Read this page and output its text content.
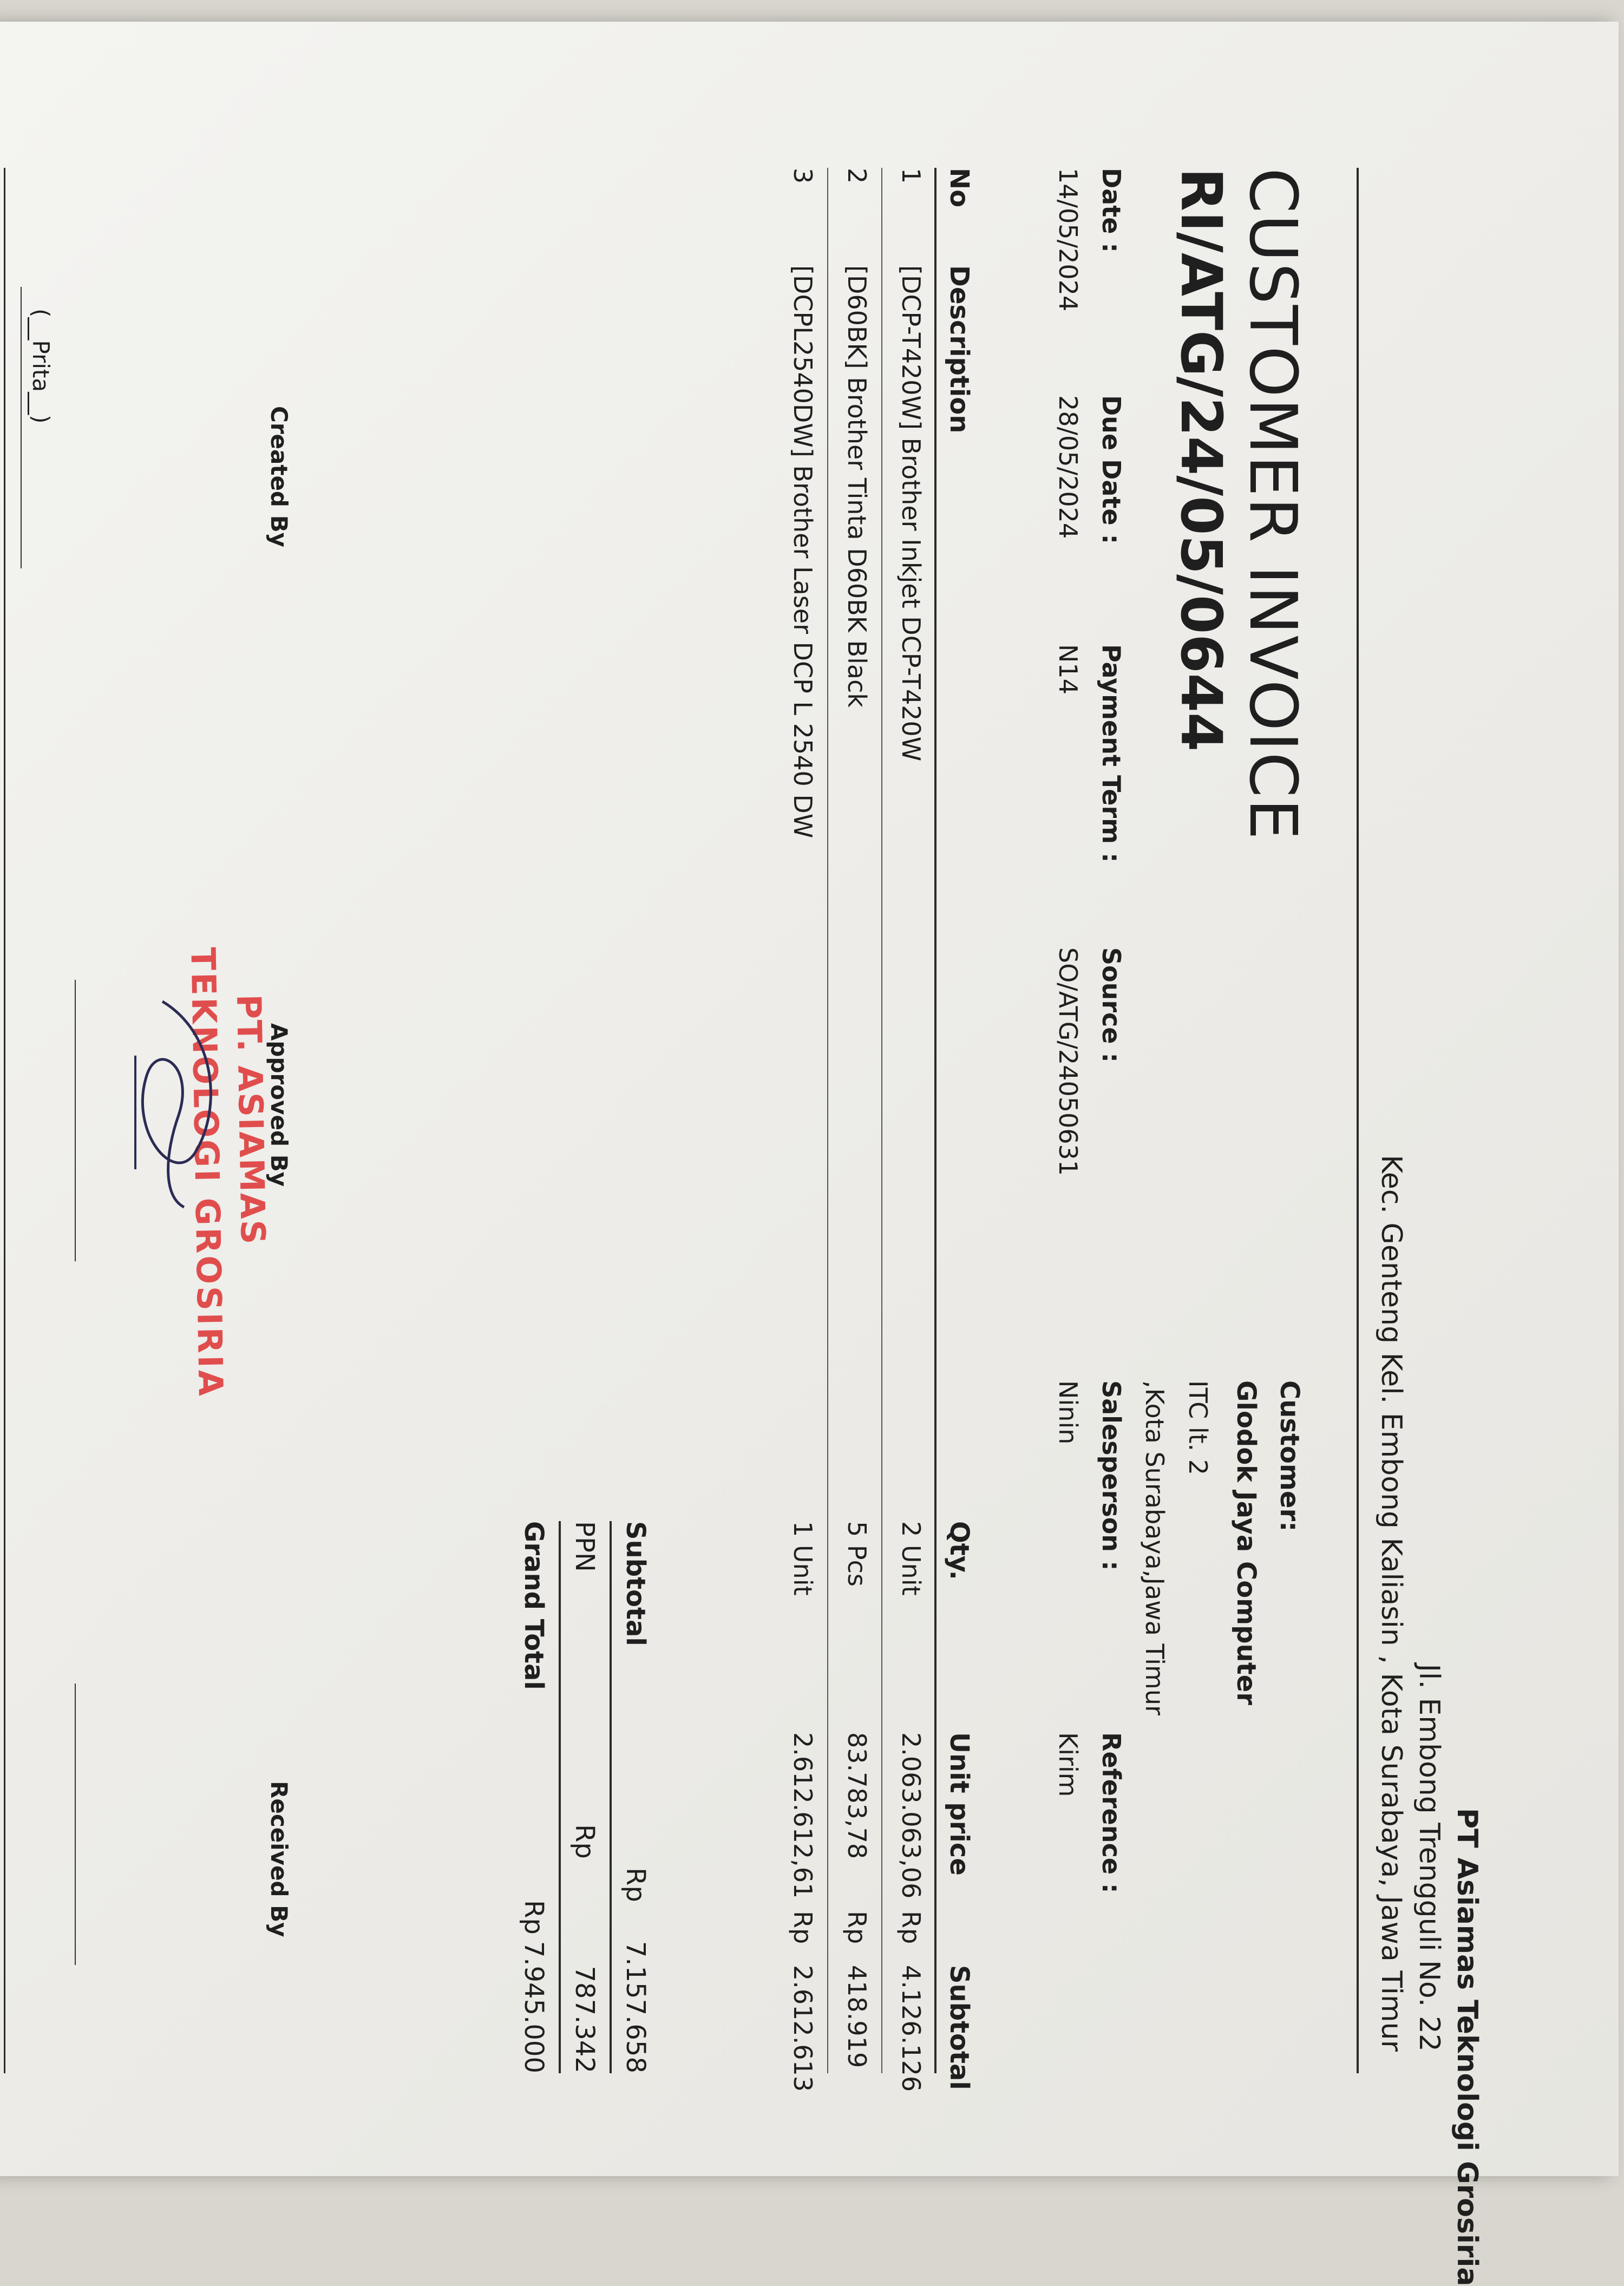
PT Asiamas Teknologi Grosiria
Jl. Embong Trengguli No. 22
Kec. Genteng Kel. Embong Kaliasin , Kota Surabaya, Jawa Timur
Customer:
Glodok Jaya Computer
ITC lt. 2
,Kota Surabaya,Jawa Timur
CUSTOMER INVOICE
RI/ATG/24/05/0644
Date :
14/05/2024
Due Date :
28/05/2024
Payment Term :
N14
Source :
SO/ATG/24050631
Salesperson :
Ninin
Reference :
Kirim
No
Description
Qty.
Unit price
Subtotal
1
[DCP-T420W] Brother Inkjet DCP-T420W
2 Unit
2.063.063,06
Rp
4.126.126
2
[D60BK] Brother Tinta D60BK Black
5 Pcs
83.783,78
Rp
418.919
3
[DCPL2540DW] Brother Laser DCP L 2540 DW
1 Unit
2.612.612,61
Rp
2.612.613
Subtotal
Rp
7.157.658
PPN
Rp
787.342
Grand Total
Rp
7.945.000
Created By
Approved By
Received By
PT. ASIAMAS
TEKNOLOGI GROSIRIA
(__Prita__)
